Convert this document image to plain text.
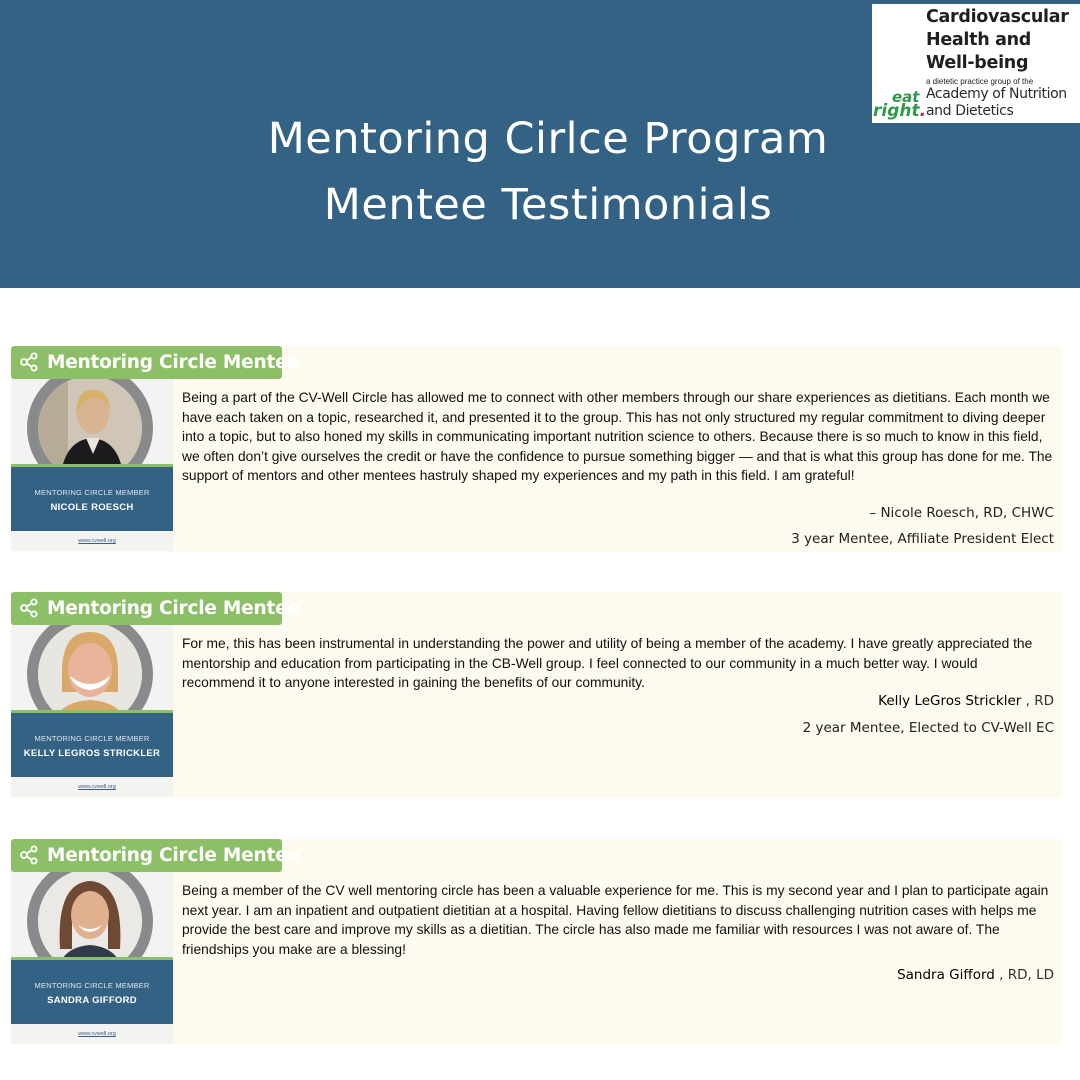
Mentoring Cirlce Program
Mentee Testimonials
Cardiovascular
Health and
Well-being
a dietetic practice group of the
Academy of Nutrition
and Dietetics
eat
right.
Mentoring Circle Mentee
MENTORING CIRCLE MEMBER
NICOLE ROESCH
www.cvwell.org
Being a part of the CV-Well Circle has allowed me to connect with other members through our share experiences as dietitians. Each month we have each taken on a topic, researched it, and presented it to the group. This has not only structured my regular commitment to diving deeper into a topic, but to also honed my skills in communicating important nutrition science to others. Because there is so much to know in this field, we often don’t give ourselves the credit or have the confidence to pursue something bigger — and that is what this group has done for me. The support of mentors and other mentees hastruly shaped my experiences and my path in this field. I am grateful!
– Nicole Roesch, RD, CHWC
3 year Mentee, Affiliate President Elect
Mentoring Circle Mentee
MENTORING CIRCLE MEMBER
KELLY LEGROS STRICKLER
www.cvwell.org
For me, this has been instrumental in understanding the power and utility of being a member of the academy. I have greatly appreciated the mentorship and education from participating in the CB-Well group. I feel connected to our community in a much better way. I would recommend it to anyone interested in gaining the benefits of our community.
Kelly LeGros Strickler , RD
2 year Mentee, Elected to CV-Well EC
Mentoring Circle Mentee
MENTORING CIRCLE MEMBER
SANDRA GIFFORD
www.cvwell.org
Being a member of the CV well mentoring circle has been a valuable experience for me. This is my second year and I plan to participate again next year. I am an inpatient and outpatient dietitian at a hospital. Having fellow dietitians to discuss challenging nutrition cases with helps me provide the best care and improve my skills as a dietitian. The circle has also made me familiar with resources I was not aware of. The friendships you make are a blessing!
Sandra Gifford , RD, LD
